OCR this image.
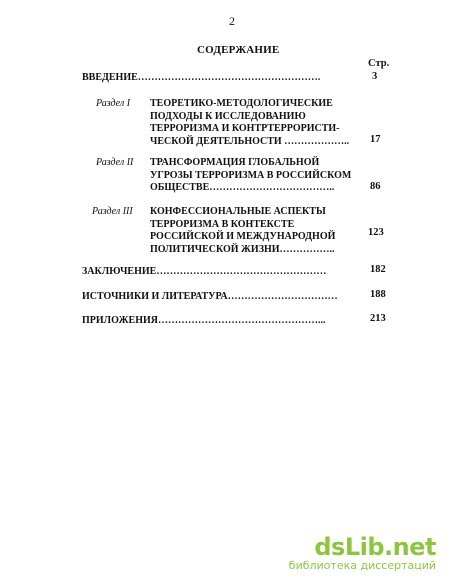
2
СОДЕРЖАНИЕ
Стр.
ВВЕДЕНИЕ……………………………………………….	3
Раздел I ТЕОРЕТИКО-МЕТОДОЛОГИЧЕСКИЕ
ПОДХОДЫ К ИССЛЕДОВАНИЮ
ТЕРРОРИЗМА И КОНТРТЕРРОРИСТИ-
ЧЕСКОЙ ДЕЯТЕЛЬНОСТИ ……………….. 17
Раздел II ТРАНСФОРМАЦИЯ ГЛОБАЛЬНОЙ
УГРОЗЫ ТЕРРОРИЗМА В РОССИЙСКОМ
ОБЩЕСТВЕ………………………………..	86
Раздел III КОНФЕССИОНАЛЬНЫЕ АСПЕКТЫ
ТЕРРОРИЗМА В КОНТЕКСТЕ
РОССИЙСКОЙ И МЕЖДУНАРОДНОЙ
ПОЛИТИЧЕСКОЙ ЖИЗНИ……………..
123
ЗАКЛЮЧЕНИЕ……………………………………………	182
ИСТОЧНИКИ И ЛИТЕРАТУРА……………………………	188
ПРИЛОЖЕНИЯ…………………………………………...	213
dsLib.net
библиотека диссертаций
